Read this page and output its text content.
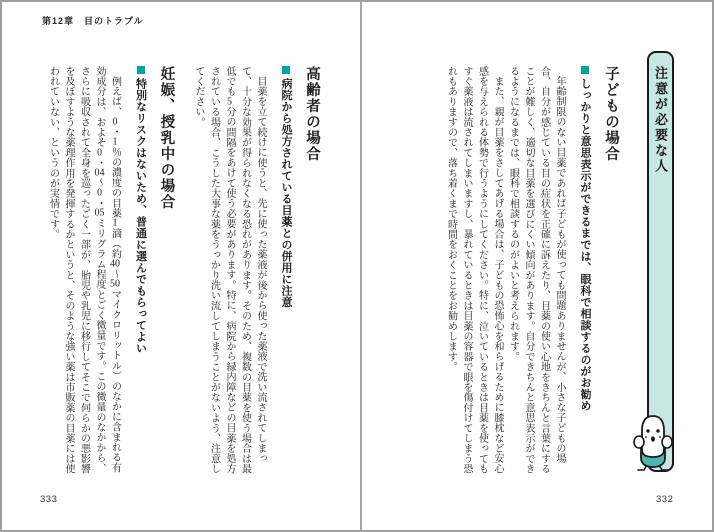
第12章 目のトラブル
高齢者の場合
病院から処方されている目薬との併用に注意

目薬を立て続けに使うと、先に使った薬液が後から使った薬液で洗い流されてしまって、十分な効果が得られなくなる恐れがあります。そのため、複数の目薬を使う場合は最低でも5分の間隔をあけて使う必要があります。特に、病院から緑内障などの目薬を処方されている場合、こうした大事な薬をうっかり洗い流してしまうことがないよう、注意してください。

妊娠、授乳中の場合
特別なリスクはないため、普通に選んでもらってよい

例えば、0・1％の濃度の目薬1滴（約40〜50マイクロリットル）のなかに含まれる有効成分は、およそ0・04〜0・05ミリグラム程度とごく微量です。この微量のなかから、さらに吸収されて全身を巡ったごく一部が、胎児や乳児に移行してそこで何らかの悪影響を及ぼすような薬理作用を発揮するかというと、そのような強い薬は市販薬の目薬には使われていない、というのが実情です。

333
注意が必要な人
子どもの場合
しっかりと意思表示ができるまでは、眼科で相談するのがお勧め

年齢制限のない目薬であれば子どもが使っても問題ありませんが、小さな子どもの場合、自分が感じている目の症状を正確に訴えたり、目薬の使い心地をきちんと言葉にすることが難しく、適切な目薬を選びにくい傾向があります。自分できちんと意思表示ができるようになるまでは、眼科で相談するのがよいと考えられます。

また、親が目薬をさしてあげる場合は、子どもの恐怖心を和らげるために膝枕など安心感を与えられる体勢で行うようにしてください。特に、泣いているときは目薬を使ってもすぐ薬液は流されてしまいますし、暴れているときは目薬の容器で眼を傷付けてしまう恐れもありますので、落ち着くまで時間をおくことをお勧めします。

332
